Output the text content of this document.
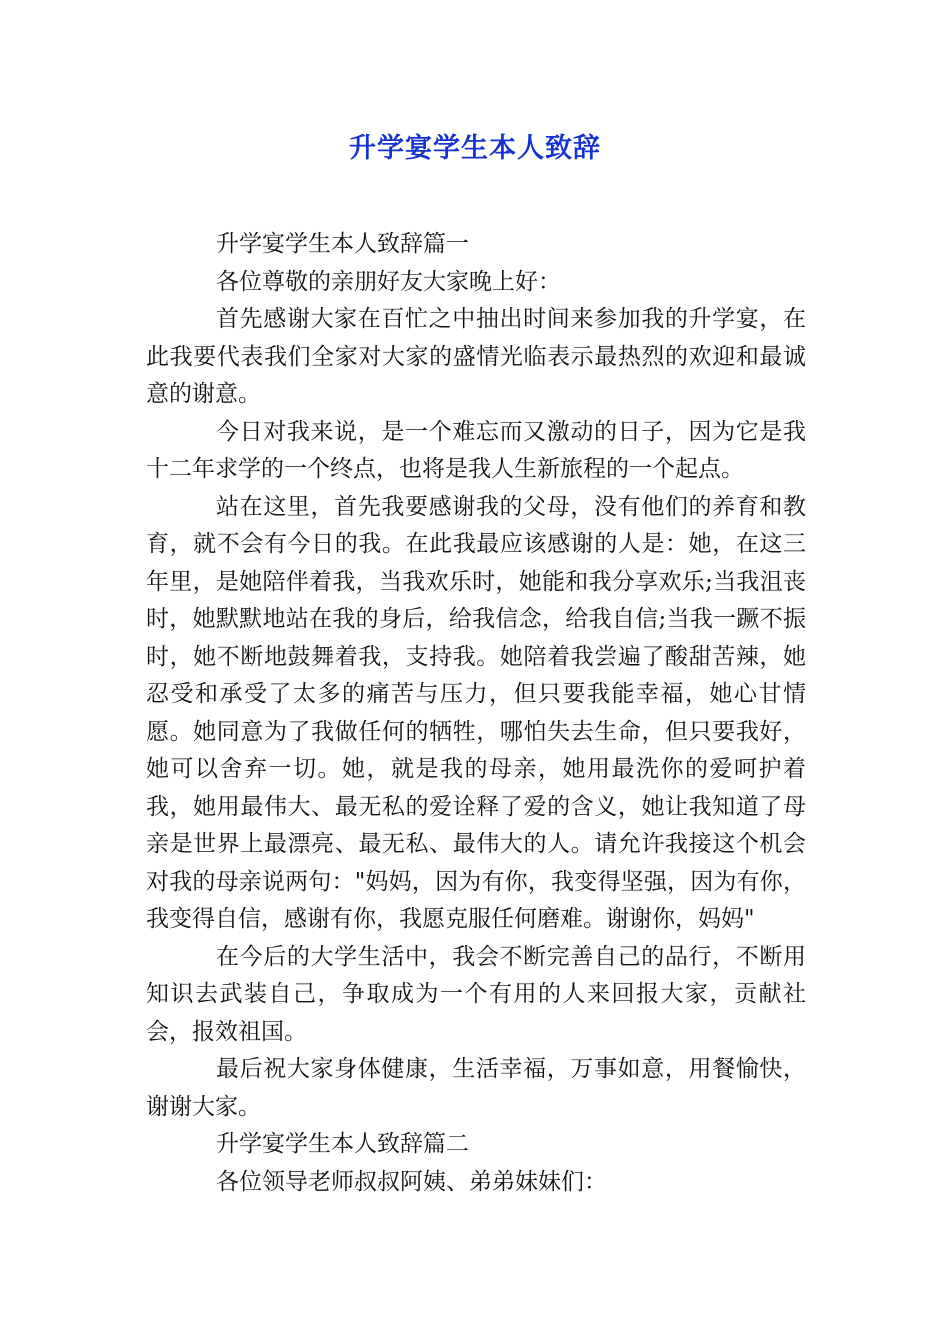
升学宴学生本人致辞

升学宴学生本人致辞篇一

各位尊敬的亲朋好友大家晚上好：

首先感谢大家在百忙之中抽出时间来参加我的升学宴，在此我要代表我们全家对大家的盛情光临表示最热烈的欢迎和最诚意的谢意。

今日对我来说，是一个难忘而又激动的日子，因为它是我十二年求学的一个终点，也将是我人生新旅程的一个起点。

站在这里，首先我要感谢我的父母，没有他们的养育和教育，就不会有今日的我。在此我最应该感谢的人是：她，在这三年里，是她陪伴着我，当我欢乐时，她能和我分享欢乐;当我沮丧时，她默默地站在我的身后，给我信念，给我自信;当我一蹶不振时，她不断地鼓舞着我，支持我。她陪着我尝遍了酸甜苦辣，她忍受和承受了太多的痛苦与压力，但只要我能幸福，她心甘情愿。她同意为了我做任何的牺牲，哪怕失去生命，但只要我好，她可以舍弃一切。她，就是我的母亲，她用最洗你的爱呵护着我，她用最伟大、最无私的爱诠释了爱的含义，她让我知道了母亲是世界上最漂亮、最无私、最伟大的人。请允许我接这个机会对我的母亲说两句："妈妈，因为有你，我变得坚强，因为有你，我变得自信，感谢有你，我愿克服任何磨难。谢谢你，妈妈"

在今后的大学生活中，我会不断完善自己的品行，不断用知识去武装自己，争取成为一个有用的人来回报大家，贡献社会，报效祖国。

最后祝大家身体健康，生活幸福，万事如意，用餐愉快，谢谢大家。

升学宴学生本人致辞篇二

各位领导老师叔叔阿姨、弟弟妹妹们：
